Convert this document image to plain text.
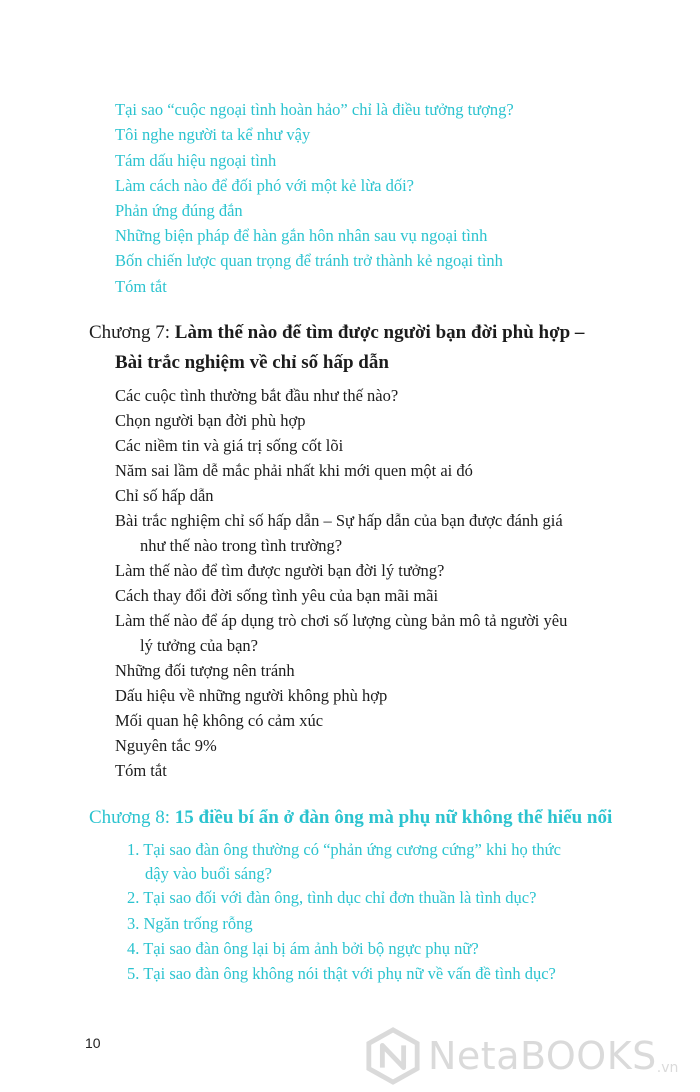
Tại sao “cuộc ngoại tình hoàn hảo” chỉ là điều tưởng tượng?
Tôi nghe người ta kể như vậy
Tám dấu hiệu ngoại tình
Làm cách nào để đối phó với một kẻ lừa dối?
Phản ứng đúng đắn
Những biện pháp để hàn gắn hôn nhân sau vụ ngoại tình
Bốn chiến lược quan trọng để tránh trở thành kẻ ngoại tình
Tóm tắt
Chương 7: Làm thế nào để tìm được người bạn đời phù hợp –
Bài trắc nghiệm về chỉ số hấp dẫn
Các cuộc tình thường bắt đầu như thế nào?
Chọn người bạn đời phù hợp
Các niềm tin và giá trị sống cốt lõi
Năm sai lầm dễ mắc phải nhất khi mới quen một ai đó
Chỉ số hấp dẫn
Bài trắc nghiệm chỉ số hấp dẫn – Sự hấp dẫn của bạn được đánh giá
như thế nào trong tình trường?
Làm thế nào để tìm được người bạn đời lý tưởng?
Cách thay đổi đời sống tình yêu của bạn mãi mãi
Làm thế nào để áp dụng trò chơi số lượng cùng bản mô tả người yêu
lý tưởng của bạn?
Những đối tượng nên tránh
Dấu hiệu về những người không phù hợp
Mối quan hệ không có cảm xúc
Nguyên tắc 9%
Tóm tắt
Chương 8: 15 điều bí ẩn ở đàn ông mà phụ nữ không thể hiểu nổi
1. Tại sao đàn ông thường có “phản ứng cương cứng” khi họ thức
dậy vào buổi sáng?
2. Tại sao đối với đàn ông, tình dục chỉ đơn thuần là tình dục?
3. Ngăn trống rỗng
4. Tại sao đàn ông lại bị ám ảnh bởi bộ ngực phụ nữ?
5. Tại sao đàn ông không nói thật với phụ nữ về vấn đề tình dục?
10	NetaBOOKS .vn
